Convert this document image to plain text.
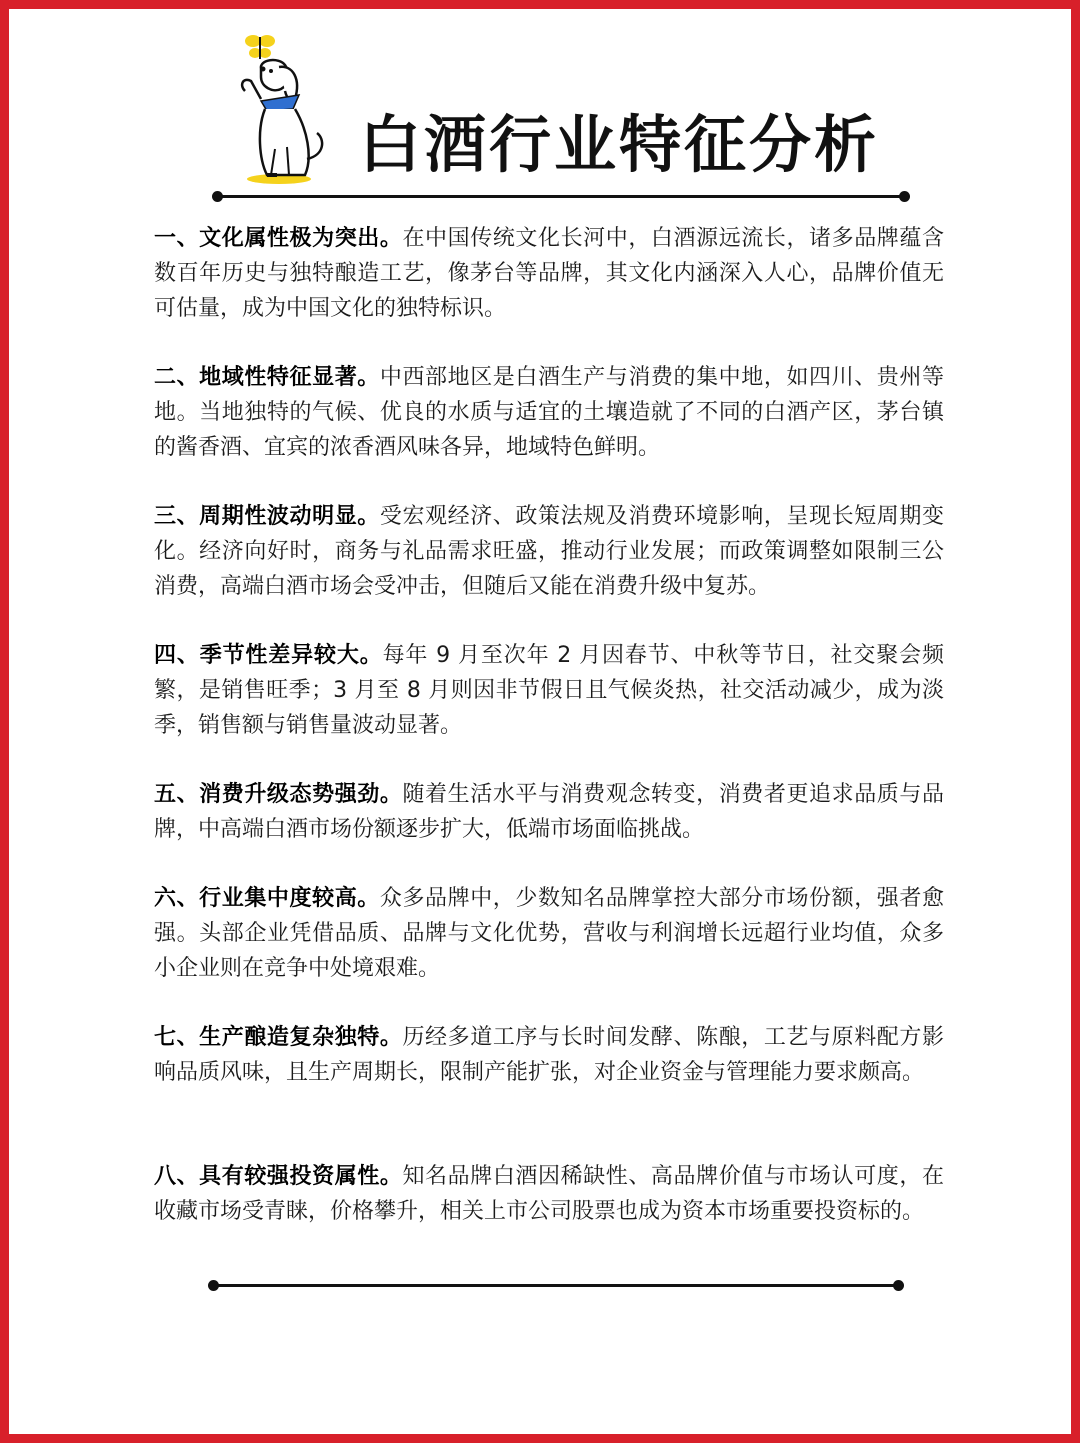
白酒行业特征分析
一、文化属性极为突出。在中国传统文化长河中，白酒源远流长，诸多品牌蕴含数百年历史与独特酿造工艺，像茅台等品牌，其文化内涵深入人心，品牌价值无可估量，成为中国文化的独特标识。
二、地域性特征显著。中西部地区是白酒生产与消费的集中地，如四川、贵州等地。当地独特的气候、优良的水质与适宜的土壤造就了不同的白酒产区，茅台镇的酱香酒、宜宾的浓香酒风味各异，地域特色鲜明。
三、周期性波动明显。受宏观经济、政策法规及消费环境影响，呈现长短周期变化。经济向好时，商务与礼品需求旺盛，推动行业发展；而政策调整如限制三公消费，高端白酒市场会受冲击，但随后又能在消费升级中复苏。
四、季节性差异较大。每年 9 月至次年 2 月因春节、中秋等节日，社交聚会频繁，是销售旺季；3 月至 8 月则因非节假日且气候炎热，社交活动减少，成为淡季，销售额与销售量波动显著。
五、消费升级态势强劲。随着生活水平与消费观念转变，消费者更追求品质与品牌，中高端白酒市场份额逐步扩大，低端市场面临挑战。
六、行业集中度较高。众多品牌中，少数知名品牌掌控大部分市场份额，强者愈强。头部企业凭借品质、品牌与文化优势，营收与利润增长远超行业均值，众多小企业则在竞争中处境艰难。
七、生产酿造复杂独特。历经多道工序与长时间发酵、陈酿，工艺与原料配方影响品质风味，且生产周期长，限制产能扩张，对企业资金与管理能力要求颇高。
八、具有较强投资属性。知名品牌白酒因稀缺性、高品牌价值与市场认可度，在收藏市场受青睐，价格攀升，相关上市公司股票也成为资本市场重要投资标的。
